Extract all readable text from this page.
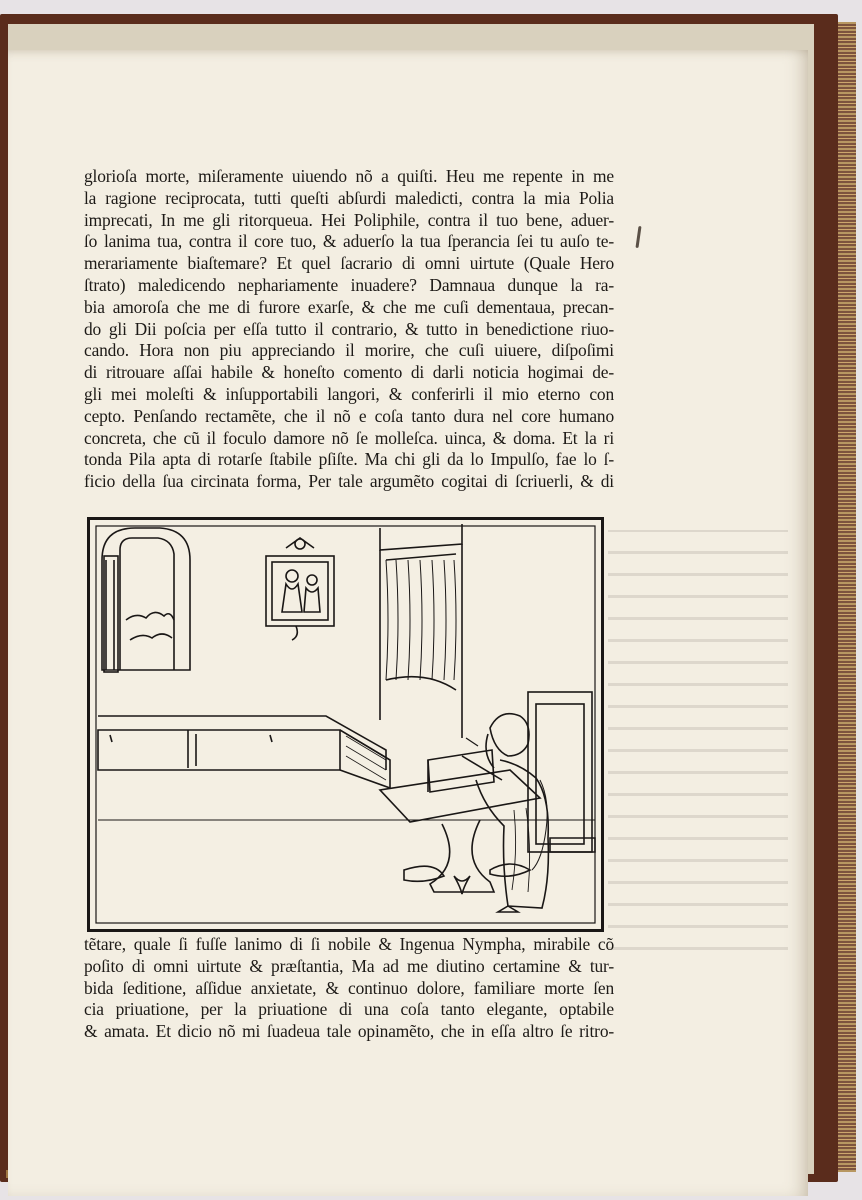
glorioſa morte, miſeramente uiuendo nõ a quiſti. Heu me repente in me
la ragione reciprocata, tutti queſti abſurdi maledicti, contra la mia Polia
imprecati, In me gli ritorqueua. Hei Poliphile, contra il tuo bene, aduer-
ſo lanima tua, contra il core tuo, & aduerſo la tua ſperancia ſei tu auſo te-
merariamente biaſtemare? Et quel ſacrario di omni uirtute (Quale Hero
ſtrato) maledicendo nephariamente inuadere? Damnaua dunque la ra-
bia amoroſa che me di furore exarſe, & che me cuſi dementaua, precan-
do gli Dii poſcia per eſſa tutto il contrario, & tutto in benedictione riuo-
cando. Hora non piu appreciando il morire, che cuſi uiuere, diſpoſimi
di ritrouare aſſai habile & honeſto comento di darli noticia hogimai de-
gli mei moleſti & inſupportabili langori, & conferirli il mio eterno con
cepto. Penſando rectamẽte, che il nõ e coſa tanto dura nel core humano
concreta, che cũ il foculo damore nõ ſe molleſca. uinca, & doma. Et la ri
tonda Pila apta di rotarſe ſtabile pſiſte. Ma chi gli da lo Impulſo, fae lo ſ-
ficio della ſua circinata forma, Per tale argumẽto cogitai di ſcriuerli, & di
tẽtare, quale ſi fuſſe lanimo di ſi nobile & Ingenua Nympha, mirabile cõ
poſito di omni uirtute & præſtantia, Ma ad me diutino certamine & tur-
bida ſeditione, aſſidue anxietate, & continuo dolore, familiare morte ſen
cia priuatione, per la priuatione di una coſa tanto elegante, optabile
& amata. Et dicio nõ mi ſuadeua tale opinamẽto, che in eſſa altro ſe ritro-
